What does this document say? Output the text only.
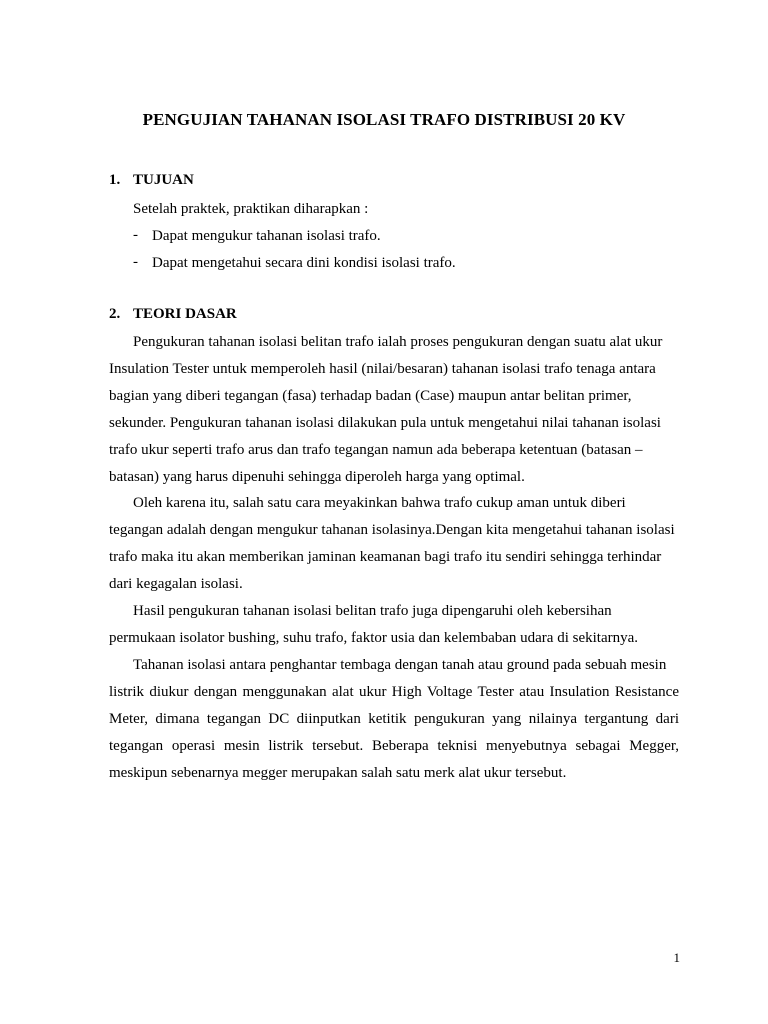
PENGUJIAN TAHANAN ISOLASI TRAFO DISTRIBUSI 20 KV
1. TUJUAN
Setelah praktek, praktikan diharapkan :
- Dapat mengukur tahanan isolasi trafo.
- Dapat mengetahui secara dini kondisi isolasi trafo.
2. TEORI DASAR
Pengukuran tahanan isolasi belitan trafo ialah proses pengukuran dengan suatu alat ukur
Insulation Tester untuk memperoleh hasil (nilai/besaran) tahanan isolasi trafo tenaga antara
bagian yang diberi tegangan (fasa) terhadap badan (Case) maupun antar belitan primer,
sekunder. Pengukuran tahanan isolasi dilakukan pula untuk mengetahui nilai tahanan isolasi
trafo ukur seperti trafo arus dan trafo tegangan namun ada beberapa ketentuan (batasan –
batasan) yang harus dipenuhi sehingga diperoleh harga yang optimal.
Oleh karena itu, salah satu cara meyakinkan bahwa trafo cukup aman untuk diberi
tegangan adalah dengan mengukur tahanan isolasinya.Dengan kita mengetahui tahanan isolasi
trafo maka itu akan memberikan jaminan keamanan bagi trafo itu sendiri sehingga terhindar
dari kegagalan isolasi.
Hasil pengukuran tahanan isolasi belitan trafo juga dipengaruhi oleh kebersihan
permukaan isolator bushing, suhu trafo, faktor usia dan kelembaban udara di sekitarnya.
Tahanan isolasi antara penghantar tembaga dengan tanah atau ground pada sebuah mesin
listrik diukur dengan menggunakan alat ukur High Voltage Tester atau Insulation Resistance
Meter, dimana tegangan DC diinputkan ketitik pengukuran yang nilainya tergantung dari
tegangan operasi mesin listrik tersebut. Beberapa teknisi menyebutnya sebagai Megger,
meskipun sebenarnya megger merupakan salah satu merk alat ukur tersebut.
1
